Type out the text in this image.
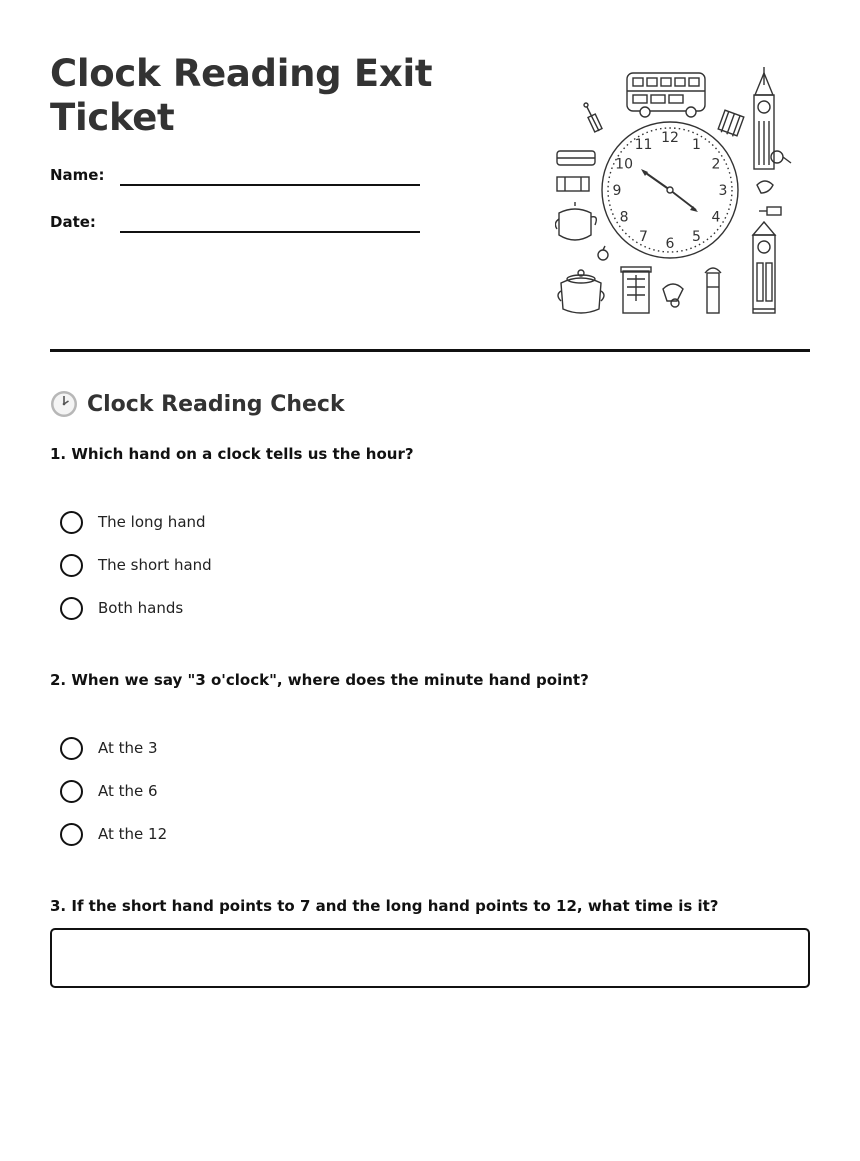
Clock Reading Exit Ticket
Name:
Date:
12 1
2
3
4
5
6
7
8
9
10
11
Clock Reading Check
1. Which hand on a clock tells us the hour?
The long hand
The short hand
Both hands
2. When we say "3 o'clock", where does the minute hand point?
At the 3
At the 6
At the 12
3. If the short hand points to 7 and the long hand points to 12, what time is it?
